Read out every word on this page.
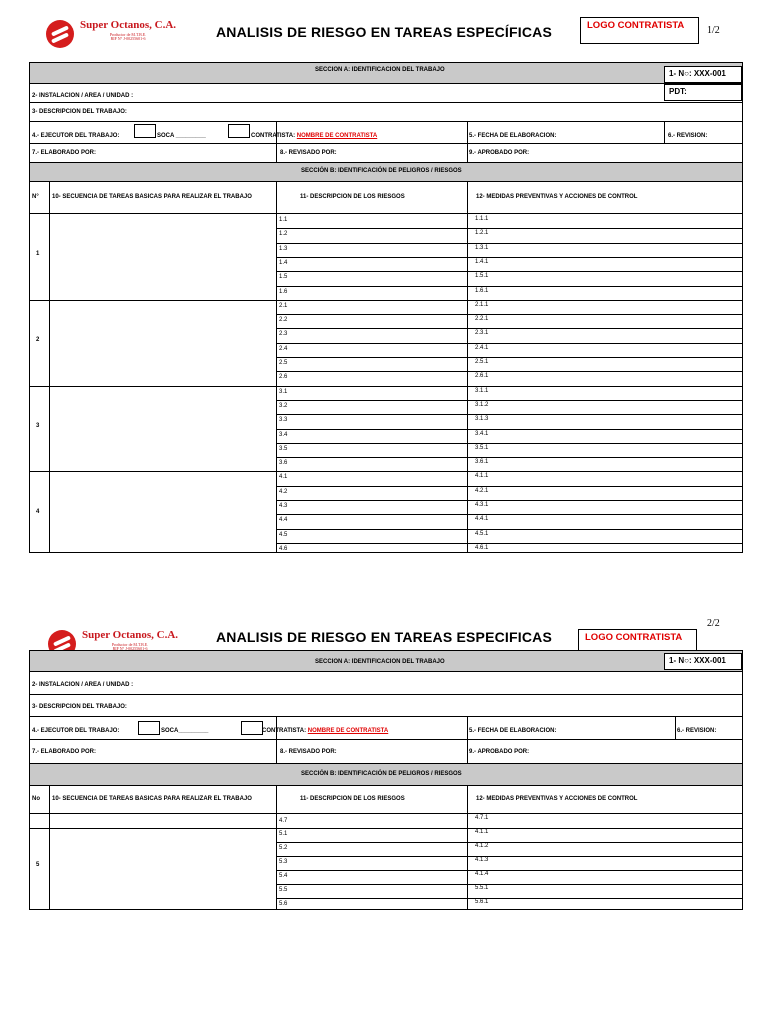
Super Octanos, C.A.
Productor de M.T.B.E.
RIF N° J-00255601-6	ANALISIS DE RIESGO EN TAREAS ESPECÍFICAS	LOGO CONTRATISTA	1/2
SECCION A: IDENTIFICACION DEL TRABAJO	1- N○: XXX-001
PDT:
2- INSTALACION / AREA / UNIDAD :
3- DESCRIPCION DEL TRABAJO:
4.- EJECUTOR DEL TRABAJO:	SOCA _________	CONTRATISTA: NOMBRE DE CONTRATISTA	5.- FECHA DE ELABORACION:	6.- REVISION:
7.- ELABORADO POR:	8.- REVISADO POR:	9.- APROBADO POR:
SECCIÓN B: IDENTIFICACIÓN DE PELIGROS / RIESGOS
N° 10- SECUENCIA DE TAREAS BASICAS PARA REALIZAR EL TRABAJO	11- DESCRIPCION DE LOS RIESGOS	12- MEDIDAS PREVENTIVAS Y ACCIONES DE CONTROL
1
1.1	1.1.1
1.2	1.2.1
1.3	1.3.1
1.4	1.4.1
1.5	1.5.1
1.6	1.6.1
2
2.1	2.1.1
2.2	2.2.1
2.3	2.3.1
2.4	2.4.1
2.5	2.5.1
2.6	2.6.1
3
3.1	3.1.1
3.2	3.1.2
3.3	3.1.3
3.4	3.4.1
3.5	3.5.1
3.6	3.6.1
4
4.1	4.1.1
4.2	4.2.1
4.3	4.3.1
4.4	4.4.1
4.5	4.5.1
4.6	4.6.1
2/2
Super Octanos, C.A.
Productor de M.T.B.E.
RIF N° J-00255601-6
ANALISIS DE RIESGO EN TAREAS ESPECIFICAS	LOGO CONTRATISTA
SECCION A: IDENTIFICACION DEL TRABAJO	1- N○: XXX-001
2- INSTALACION / AREA / UNIDAD :
3- DESCRIPCION DEL TRABAJO:
4.- EJECUTOR DEL TRABAJO:	SOCA_________	CONTRATISTA: NOMBRE DE CONTRATISTA	5.- FECHA DE ELABORACION:	6.- REVISION:
7.- ELABORADO POR:	8.- REVISADO POR:	9.- APROBADO POR:
SECCIÓN B: IDENTIFICACIÓN DE PELIGROS / RIESGOS
No 10- SECUENCIA DE TAREAS BASICAS PARA REALIZAR EL TRABAJO	11- DESCRIPCION DE LOS RIESGOS	12- MEDIDAS PREVENTIVAS Y ACCIONES DE CONTROL
4.7	4.7.1
5
5.1	4.1.1
5.2	4.1.2
5.3	4.1.3
5.4	4.1.4
5.5	5.5.1
5.6	5.6.1
